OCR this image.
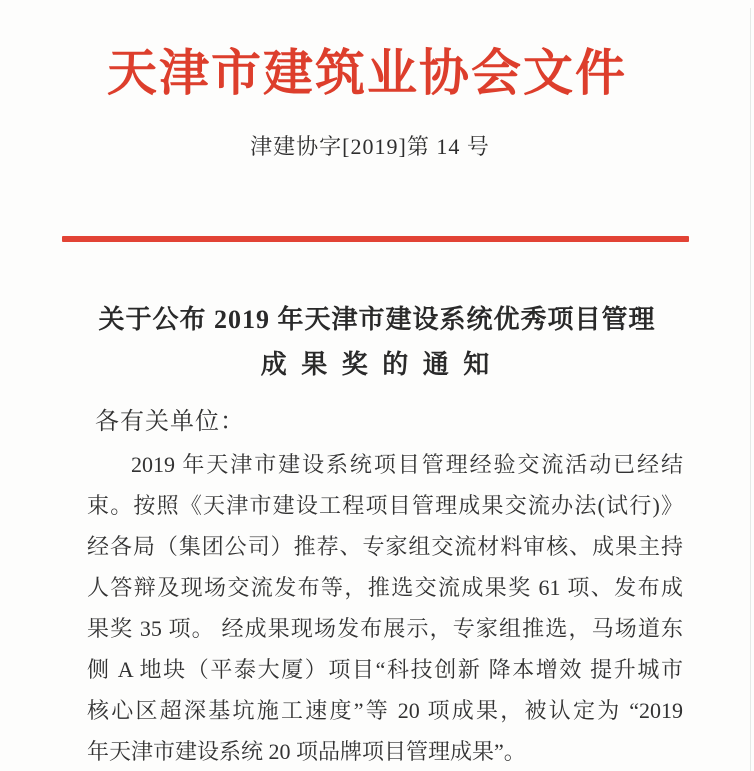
天津市建筑业协会文件
津建协字[2019]第 14 号
关于公布 2019 年天津市建设系统优秀项目管理
成 果 奖 的 通 知
各有关单位：
2019 年天津市建设系统项目管理经验交流活动已经结
束。按照《天津市建设工程项目管理成果交流办法(试行)》
经各局（集团公司）推荐、专家组交流材料审核、成果主持
人答辩及现场交流发布等，推选交流成果奖 61 项、发布成
果奖 35 项。 经成果现场发布展示，专家组推选，马场道东
侧 A 地块（平泰大厦）项目“科技创新 降本增效 提升城市
核心区超深基坑施工速度”等 20 项成果，被认定为 “2019
年天津市建设系统 20 项品牌项目管理成果”。
